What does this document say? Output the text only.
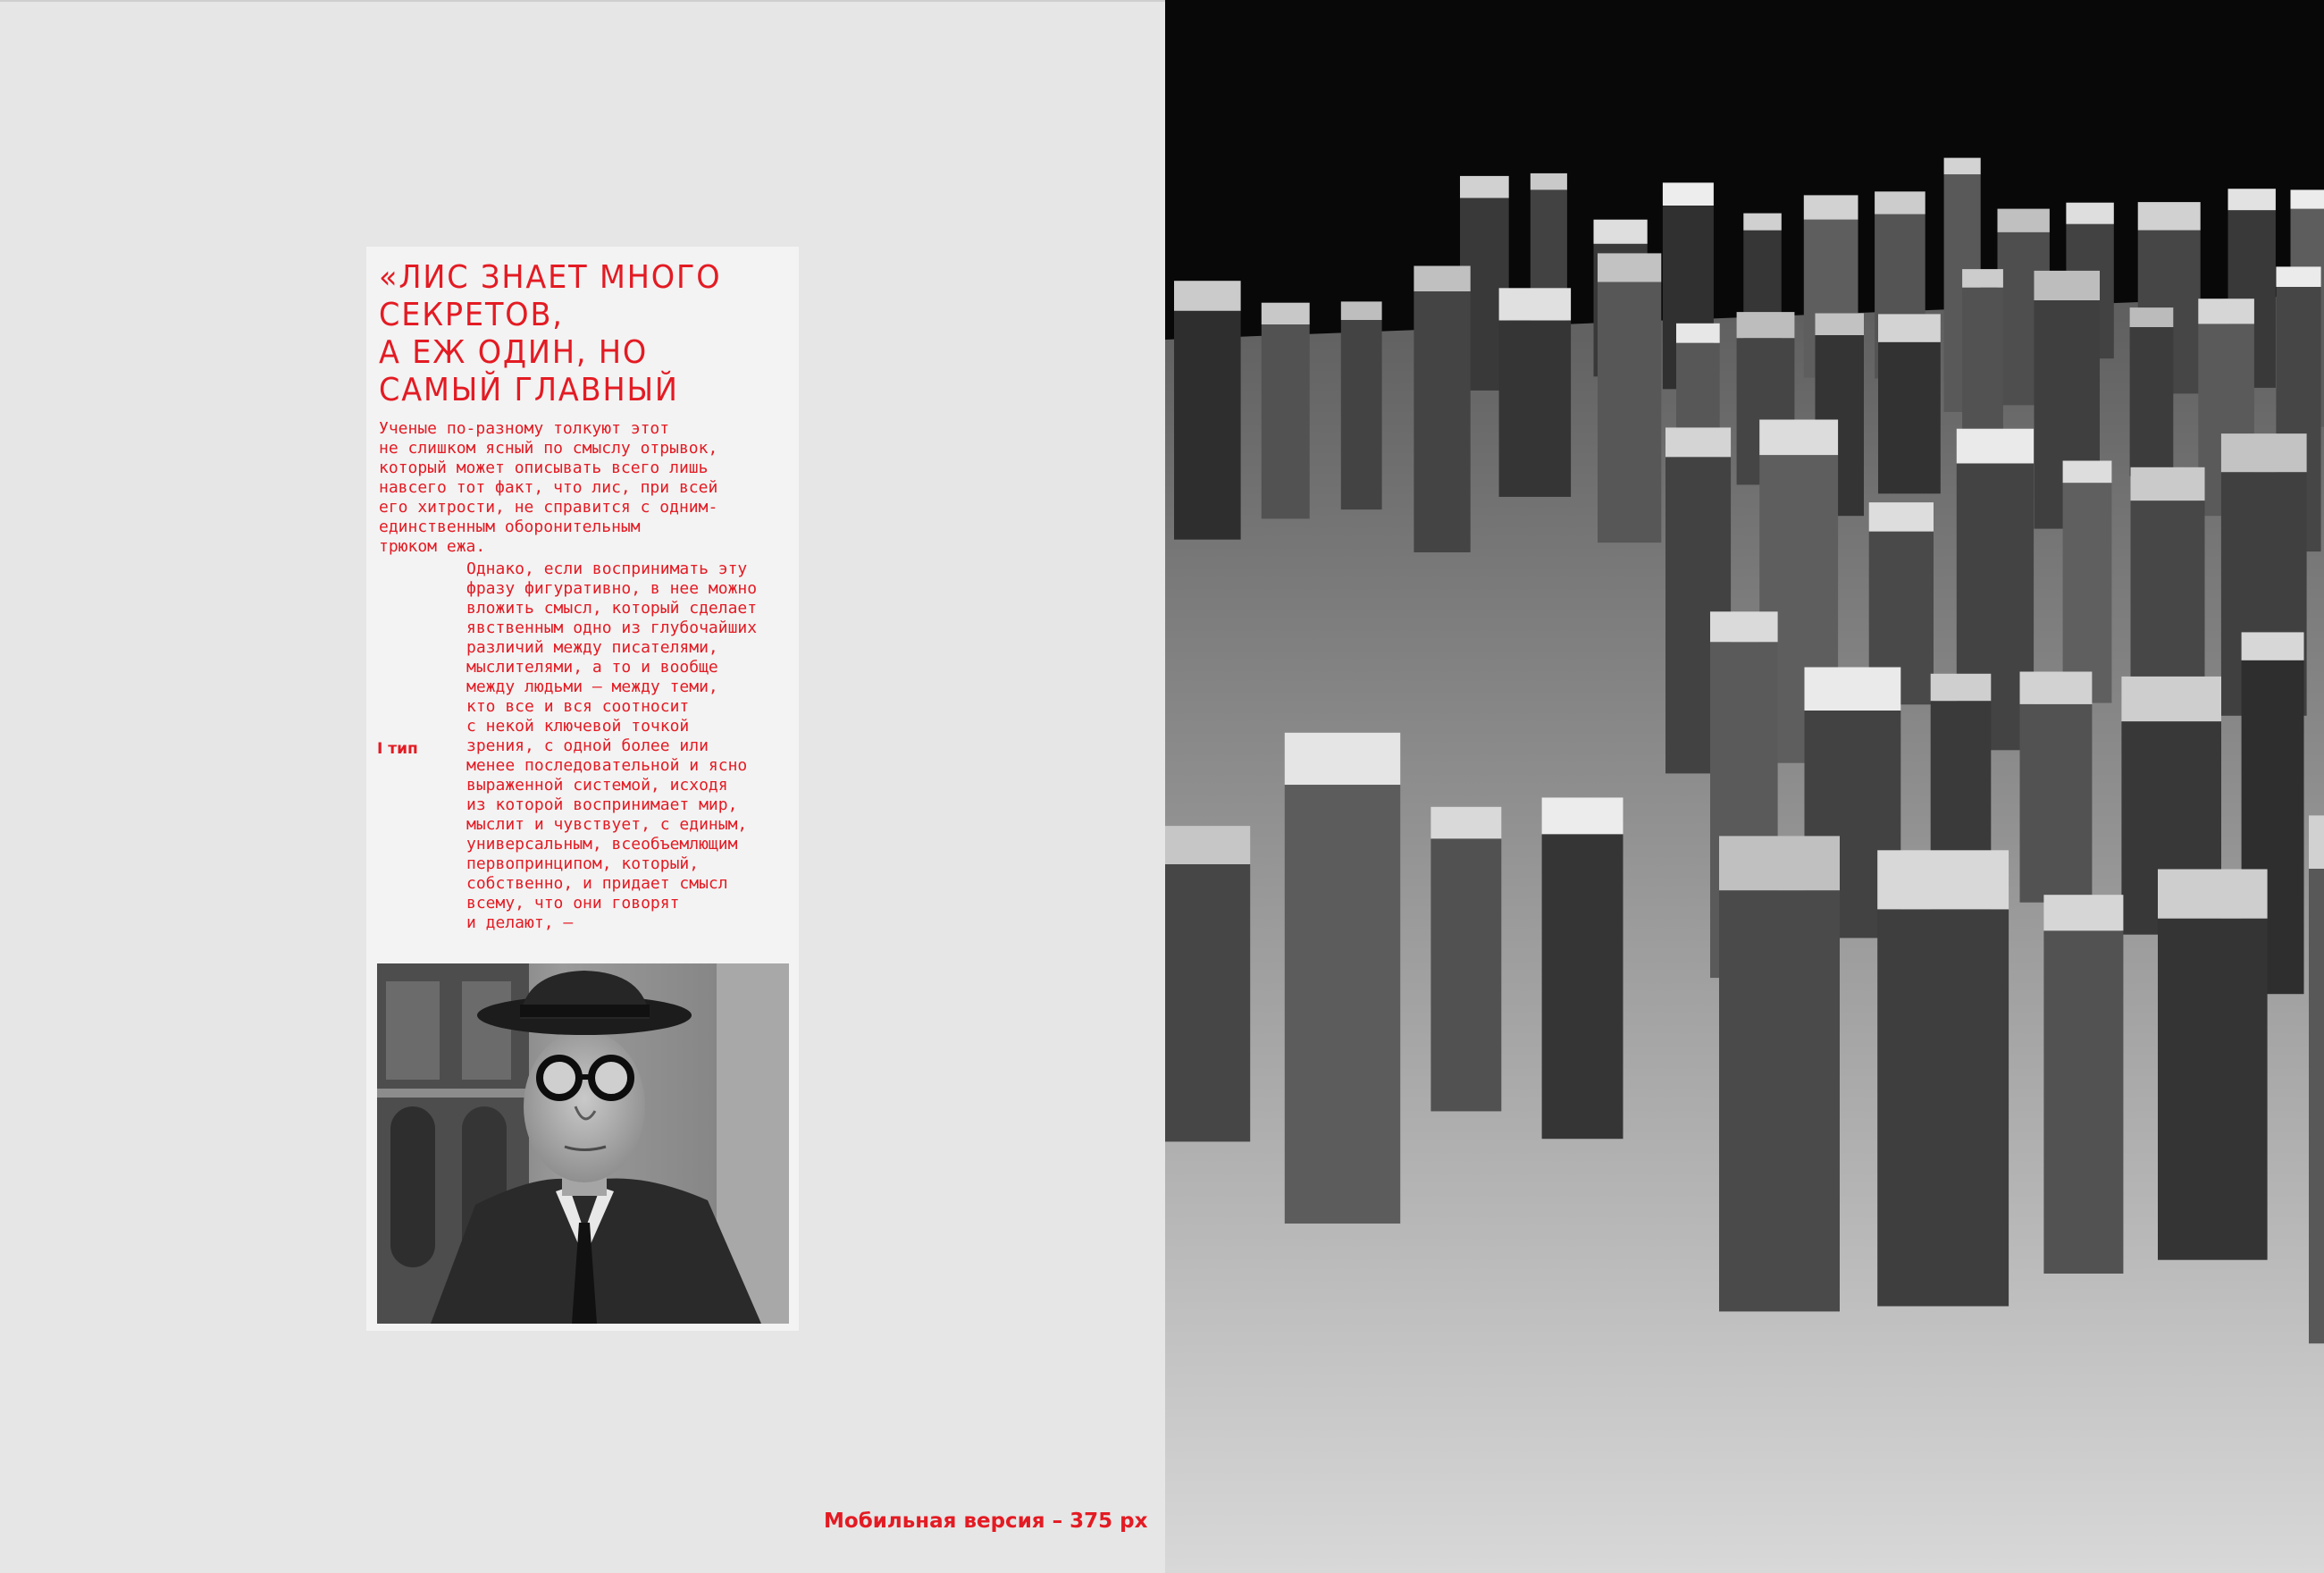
«ЛИС ЗНАЕТ МНОГО
СЕКРЕТОВ,
А ЕЖ ОДИН, НО
САМЫЙ ГЛАВНЫЙ

Ученые по-разному толкуют этот
не слишком ясный по смыслу отрывок,
который может описывать всего лишь
навсего тот факт, что лис, при всей
его хитрости, не справится с одним-
единственным оборонительным
трюком ежа.

I тип

Однако, если воспринимать эту
фразу фигуративно, в нее можно
вложить смысл, который сделает
явственным одно из глубочайших
различий между писателями,
мыслителями, а то и вообще
между людьми – между теми,
кто все и вся соотносит
с некой ключевой точкой
зрения, с одной более или
менее последовательной и ясно
выраженной системой, исходя
из которой воспринимает мир,
мыслит и чувствует, с единым,
универсальным, всеобъемлющим
первопринципом, который,
собственно, и придает смысл
всему, что они говорят
и делают, –

Мобильная версия – 375 px
